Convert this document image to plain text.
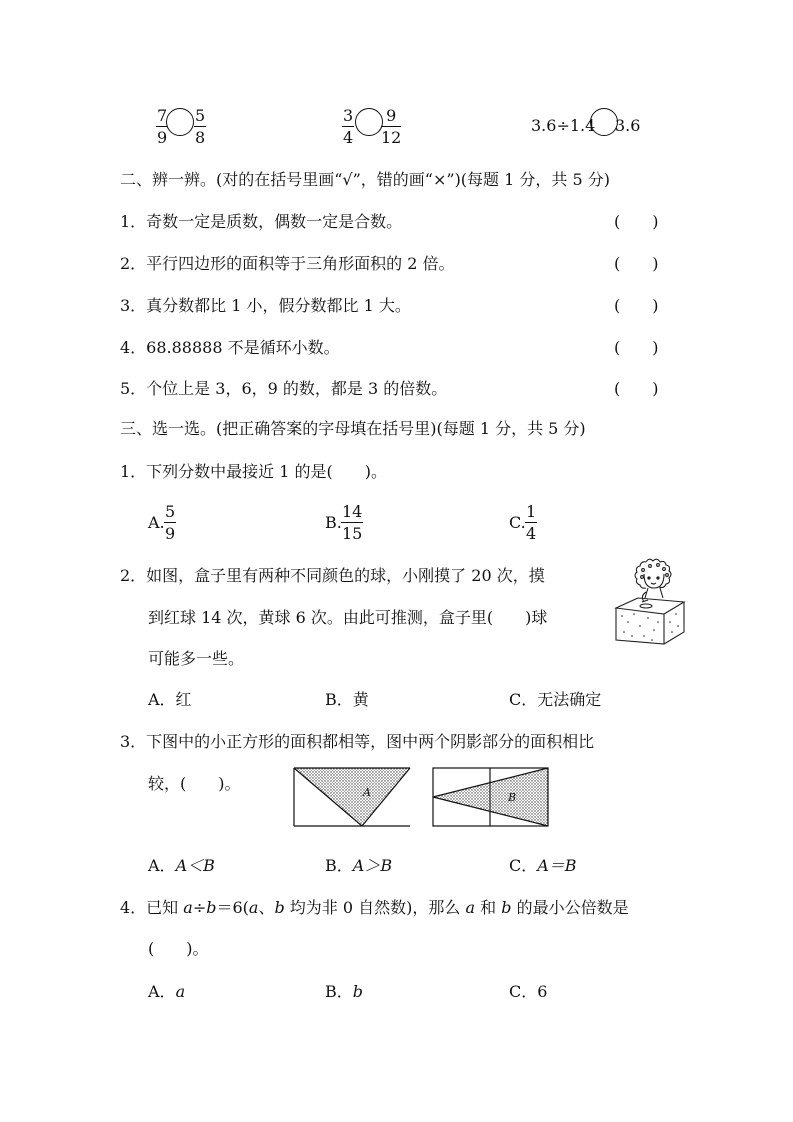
$\frac{7}{9} \frac{5}{8}$	$\frac{3}{4} \frac{9}{12}$	3.6÷1.4 3.6
二、辨一辨。(对的在括号里画“√”，错的画“×”)(每题 1 分，共 5 分)
1．奇数一定是质数，偶数一定是合数。	(　　)
2．平行四边形的面积等于三角形面积的 2 倍。	(　　)
3．真分数都比 1 小，假分数都比 1 大。	(　　)
4．68.88888 不是循环小数。	(　　)
5．个位上是 3，6，9 的数，都是 3 的倍数。	(　　)
三、选一选。(把正确答案的字母填在括号里)(每题 1 分，共 5 分)
1．下列分数中最接近 1 的是(　　)。
A. $\frac{5}{9}$	B. $\frac{14}{15}$	C. $\frac{1}{4}$
2．如图，盒子里有两种不同颜色的球，小刚摸了 20 次，摸
到红球 14 次，黄球 6 次。由此可推测，盒子里(　　)球
可能多一些。
A．红	B．黄	C．无法确定
3．下图中的小正方形的面积都相等，图中两个阴影部分的面积相比
较，(　　)。	A	B
A．A＜B	B．A＞B	C．A＝B
4．已知 a÷b＝6(a、b 均为非 0 自然数)，那么 a 和 b 的最小公倍数是
(　　)。
A．a	B．b	C．6
